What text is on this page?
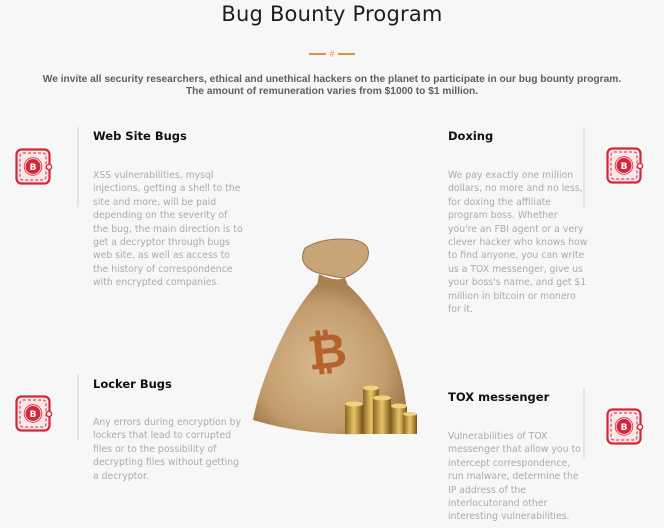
Bug Bounty Program
#
We invite all security researchers, ethical and unethical hackers on the planet to participate in our bug bounty program.
The amount of remuneration varies from $1000 to $1 million.
B
Web Site Bugs
XSS vulnerabilities, mysql injections, getting a shell to the site and more, will be paid depending on the severity of the bug, the main direction is to get a decryptor through bugs web site, as well as access to the history of correspondence with encrypted companies.
Doxing
We pay exactly one million dollars, no more and no less, for doxing the affiliate program boss. Whether you're an FBI agent or a very clever hacker who knows how to find anyone, you can write us a TOX messenger, give us your boss's name, and get $1 million in bitcoin or monero for it.
B
B
Locker Bugs
Any errors during encryption by lockers that lead to corrupted files or to the possibility of decrypting files without getting a decryptor.
TOX messenger
Vulnerabilities of TOX messenger that allow you to intercept correspondence, run malware, determine the IP address of the interlocutorand other interesting vulnerabilities.
B
₿
